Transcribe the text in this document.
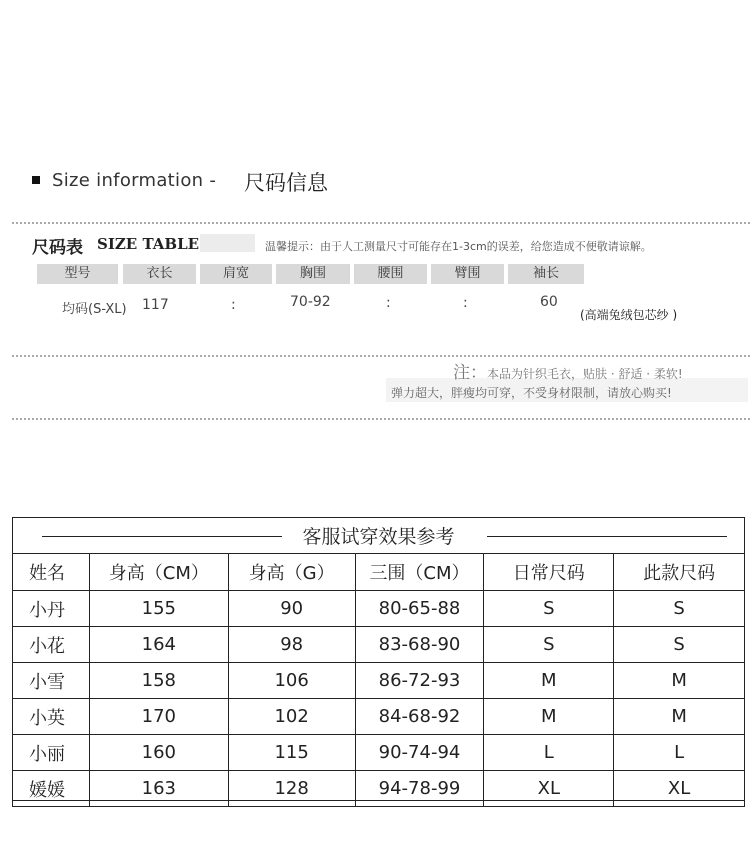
Size information - 尺码信息
尺码表 SIZE TABLE	温馨提示：由于人工测量尺寸可能存在1-3cm的误差，给您造成不便敬请谅解。
型号	衣长	肩宽	胸围	腰围	臂围	袖长
均码(S-XL) 117	:	70-92	:	:	60
(高端兔绒包芯纱 )
注：本品为针织毛衣，贴肤 · 舒适 · 柔软!
弹力超大，胖瘦均可穿，不受身材限制，请放心购买!
客服试穿效果参考
姓名	身高（CM）	身高（G）	三围（CM）	日常尺码	此款尺码
小丹	155	90	80-65-88	S	S
小花	164	98	83-68-90	S	S
小雪	158	106	86-72-93	M	M
小英	170	102	84-68-92	M	M
小丽	160	115	90-74-94	L	L
媛媛	163	128	94-78-99	XL	XL
